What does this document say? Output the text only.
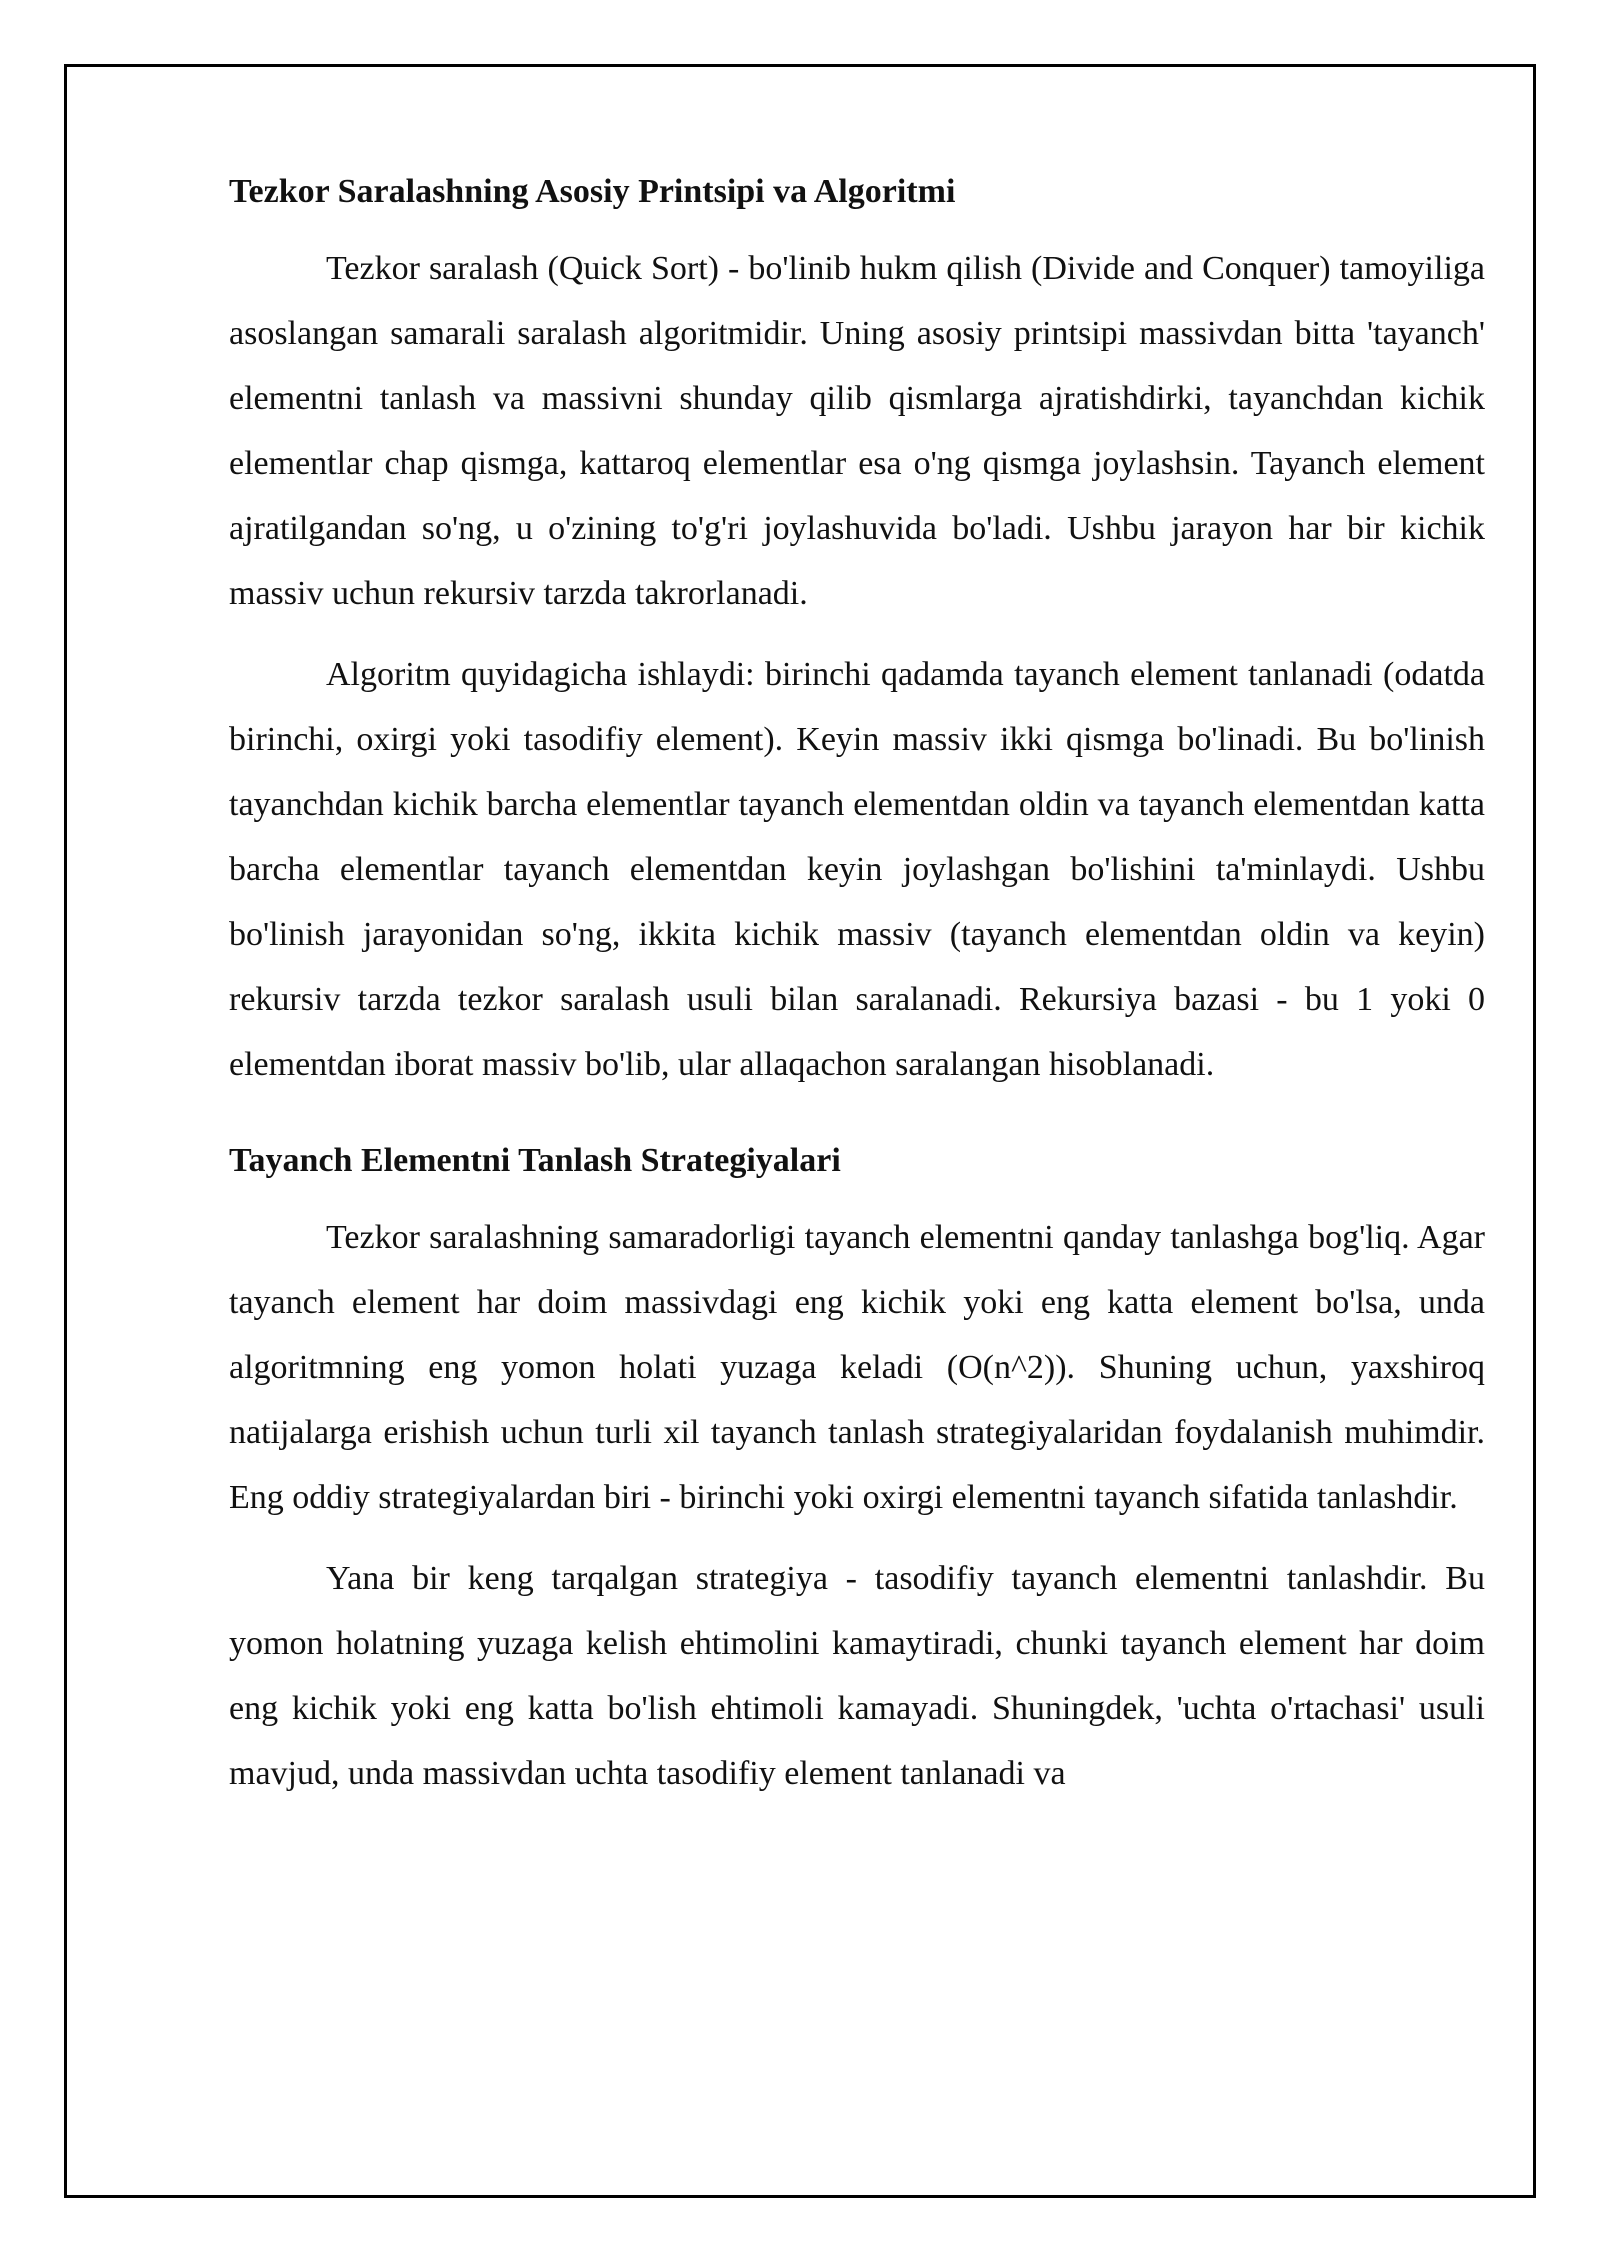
Tezkor Saralashning Asosiy Printsipi va Algoritmi

Tezkor saralash (Quick Sort) - bo'linib hukm qilish (Divide and Conquer) tamoyiliga asoslangan samarali saralash algoritmidir. Uning asosiy printsipi massivdan bitta 'tayanch' elementni tanlash va massivni shunday qilib qismlarga ajratishdirki, tayanchdan kichik elementlar chap qismga, kattaroq elementlar esa o'ng qismga joylashsin. Tayanch element ajratilgandan so'ng, u o'zining to'g'ri joylashuvida bo'ladi. Ushbu jarayon har bir kichik massiv uchun rekursiv tarzda takrorlanadi.

Algoritm quyidagicha ishlaydi: birinchi qadamda tayanch element tanlanadi (odatda birinchi, oxirgi yoki tasodifiy element). Keyin massiv ikki qismga bo'linadi. Bu bo'linish tayanchdan kichik barcha elementlar tayanch elementdan oldin va tayanch elementdan katta barcha elementlar tayanch elementdan keyin joylashgan bo'lishini ta'minlaydi. Ushbu bo'linish jarayonidan so'ng, ikkita kichik massiv (tayanch elementdan oldin va keyin) rekursiv tarzda tezkor saralash usuli bilan saralanadi. Rekursiya bazasi - bu 1 yoki 0 elementdan iborat massiv bo'lib, ular allaqachon saralangan hisoblanadi.

Tayanch Elementni Tanlash Strategiyalari

Tezkor saralashning samaradorligi tayanch elementni qanday tanlashga bog'liq. Agar tayanch element har doim massivdagi eng kichik yoki eng katta element bo'lsa, unda algoritmning eng yomon holati yuzaga keladi (O(n^2)). Shuning uchun, yaxshiroq natijalarga erishish uchun turli xil tayanch tanlash strategiyalaridan foydalanish muhimdir. Eng oddiy strategiyalardan biri - birinchi yoki oxirgi elementni tayanch sifatida tanlashdir.

Yana bir keng tarqalgan strategiya - tasodifiy tayanch elementni tanlashdir. Bu yomon holatning yuzaga kelish ehtimolini kamaytiradi, chunki tayanch element har doim eng kichik yoki eng katta bo'lish ehtimoli kamayadi. Shuningdek, 'uchta o'rtachasi' usuli mavjud, unda massivdan uchta tasodifiy element tanlanadi va
